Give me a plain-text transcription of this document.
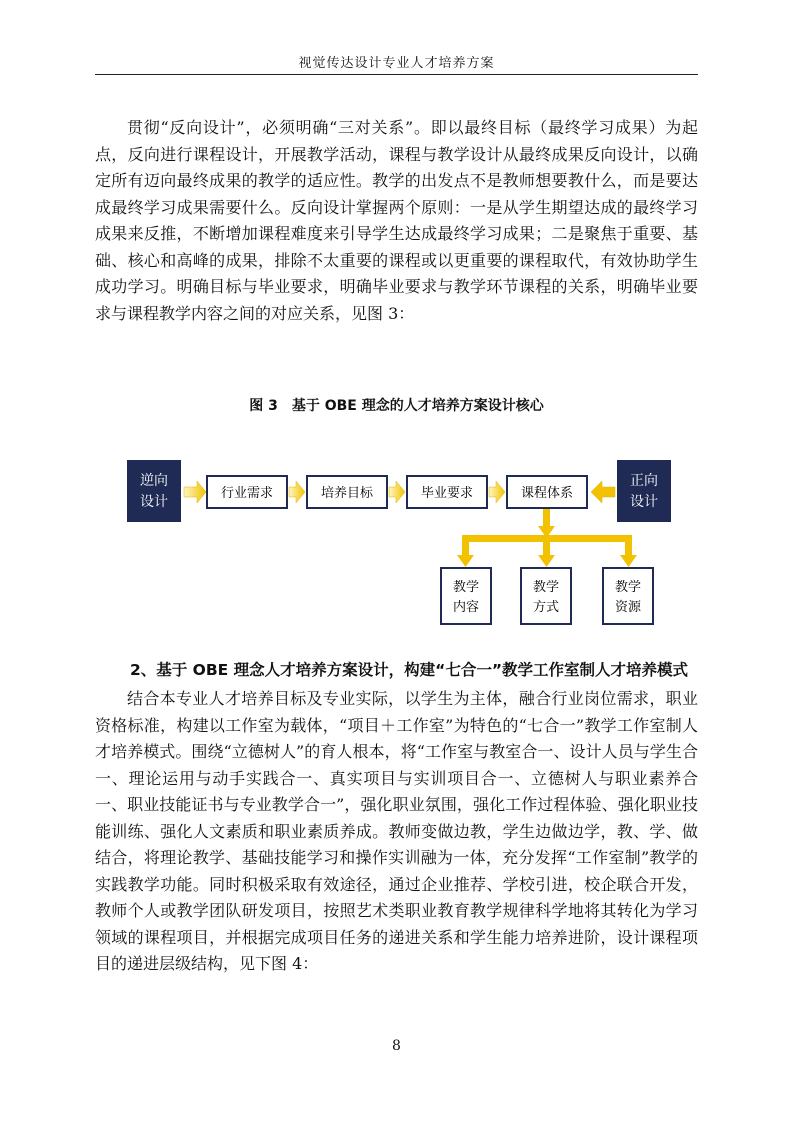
视觉传达设计专业人才培养方案

贯彻“反向设计”，必须明确“三对关系”。即以最终目标（最终学习成果）为起点，反向进行课程设计，开展教学活动，课程与教学设计从最终成果反向设计，以确定所有迈向最终成果的教学的适应性。教学的出发点不是教师想要教什么，而是要达成最终学习成果需要什么。反向设计掌握两个原则：一是从学生期望达成的最终学习成果来反推，不断增加课程难度来引导学生达成最终学习成果；二是聚焦于重要、基础、核心和高峰的成果，排除不太重要的课程或以更重要的课程取代，有效协助学生成功学习。明确目标与毕业要求，明确毕业要求与教学环节课程的关系，明确毕业要求与课程教学内容之间的对应关系，见图 3：

图 3　基于 OBE 理念的人才培养方案设计核心
逆向
设计
正向
设计
行业需求	培养目标	毕业要求	课程体系
教学
内容
教学
方式
教学
资源
2、基于 OBE 理念人才培养方案设计，构建“七合一”教学工作室制人才培养模式

结合本专业人才培养目标及专业实际，以学生为主体，融合行业岗位需求，职业资格标准，构建以工作室为载体，“项目＋工作室”为特色的“七合一”教学工作室制人才培养模式。围绕“立德树人”的育人根本，将“工作室与教室合一、设计人员与学生合一、理论运用与动手实践合一、真实项目与实训项目合一、立德树人与职业素养合一、职业技能证书与专业教学合一”，强化职业氛围，强化工作过程体验、强化职业技能训练、强化人文素质和职业素质养成。教师变做边教，学生边做边学，教、学、做结合，将理论教学、基础技能学习和操作实训融为一体，充分发挥“工作室制”教学的实践教学功能。同时积极采取有效途径，通过企业推荐、学校引进，校企联合开发，教师个人或教学团队研发项目，按照艺术类职业教育教学规律科学地将其转化为学习领域的课程项目，并根据完成项目任务的递进关系和学生能力培养进阶，设计课程项目的递进层级结构，见下图 4：

8
